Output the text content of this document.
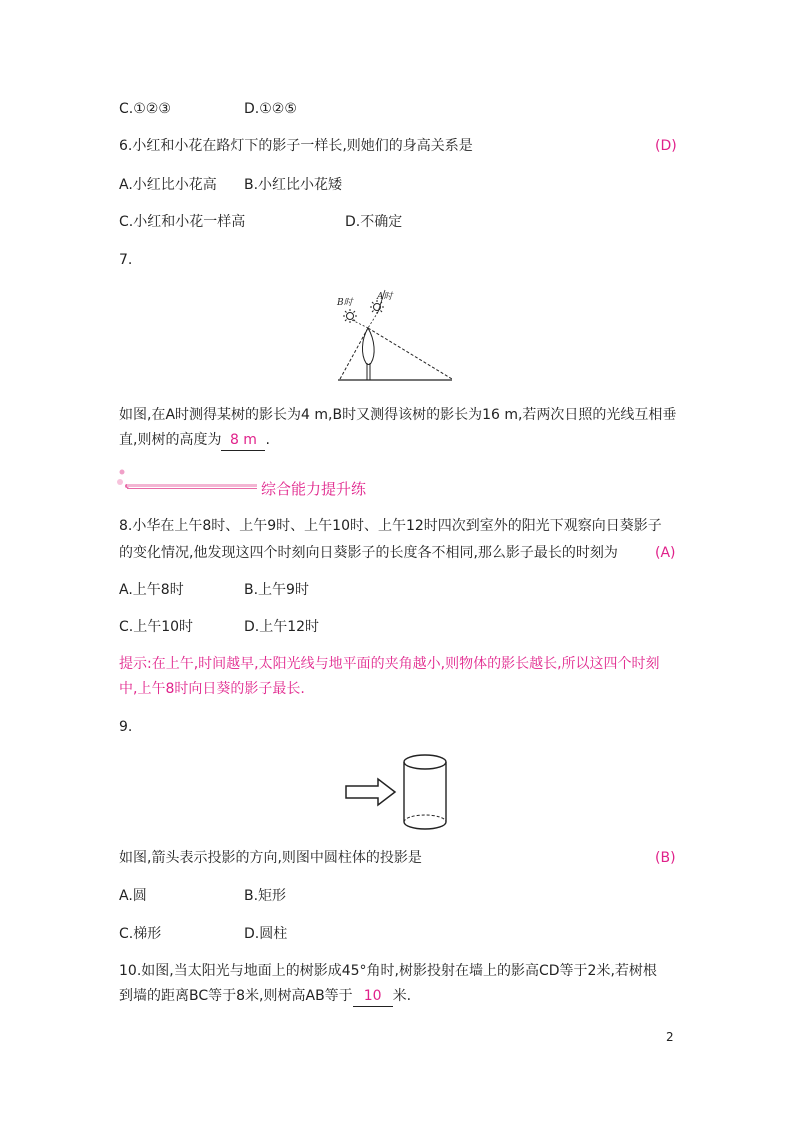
C.①②③	D.①②⑤
6.小红和小花在路灯下的影子一样长,则她们的身高关系是	(D)
A.小红比小花高 B.小红比小花矮
C.小红和小花一样高	D.不确定
7.
B时
A时
如图,在A时测得某树的影长为4 m,B时又测得该树的影长为16 m,若两次日照的光线互相垂
直,则树的高度为 8 m .
综合能力提升练
8.小华在上午8时、上午9时、上午10时、上午12时四次到室外的阳光下观察向日葵影子
的变化情况,他发现这四个时刻向日葵影子的长度各不相同,那么影子最长的时刻为	(A)
A.上午8时	B.上午9时
C.上午10时	D.上午12时
提示:在上午,时间越早,太阳光线与地平面的夹角越小,则物体的影长越长,所以这四个时刻
中,上午8时向日葵的影子最长.
9.
如图,箭头表示投影的方向,则图中圆柱体的投影是	(B)
A.圆	B.矩形
C.梯形	D.圆柱
10.如图,当太阳光与地面上的树影成45°角时,树影投射在墙上的影高CD等于2米,若树根
到墙的距离BC等于8米,则树高AB等于 10 米.
2
